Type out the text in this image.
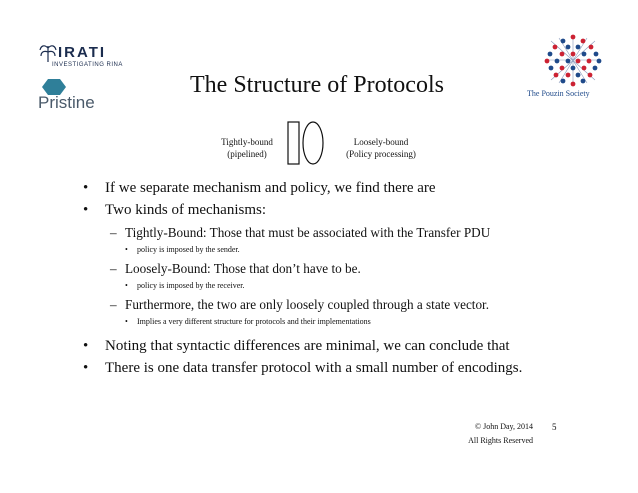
IRATI
INVESTIGATING RINA
Pristine	The Pouzin Society
The Structure of Protocols
Tightly-bound
(pipelined)
Loosely-bound
(Policy processing)
• If we separate mechanism and policy, we find there are
• Two kinds of mechanisms:
– Tightly-Bound: Those that must be associated with the Transfer PDU
• policy is imposed by the sender.
– Loosely-Bound: Those that don’t have to be.
• policy is imposed by the receiver.
– Furthermore, the two are only loosely coupled through a state vector.
• Implies a very different structure for protocols and their implementations
• Noting that syntactic differences are minimal, we can conclude that
• There is one data transfer protocol with a small number of encodings.
© John Day, 2014
All Rights Reserved
5
